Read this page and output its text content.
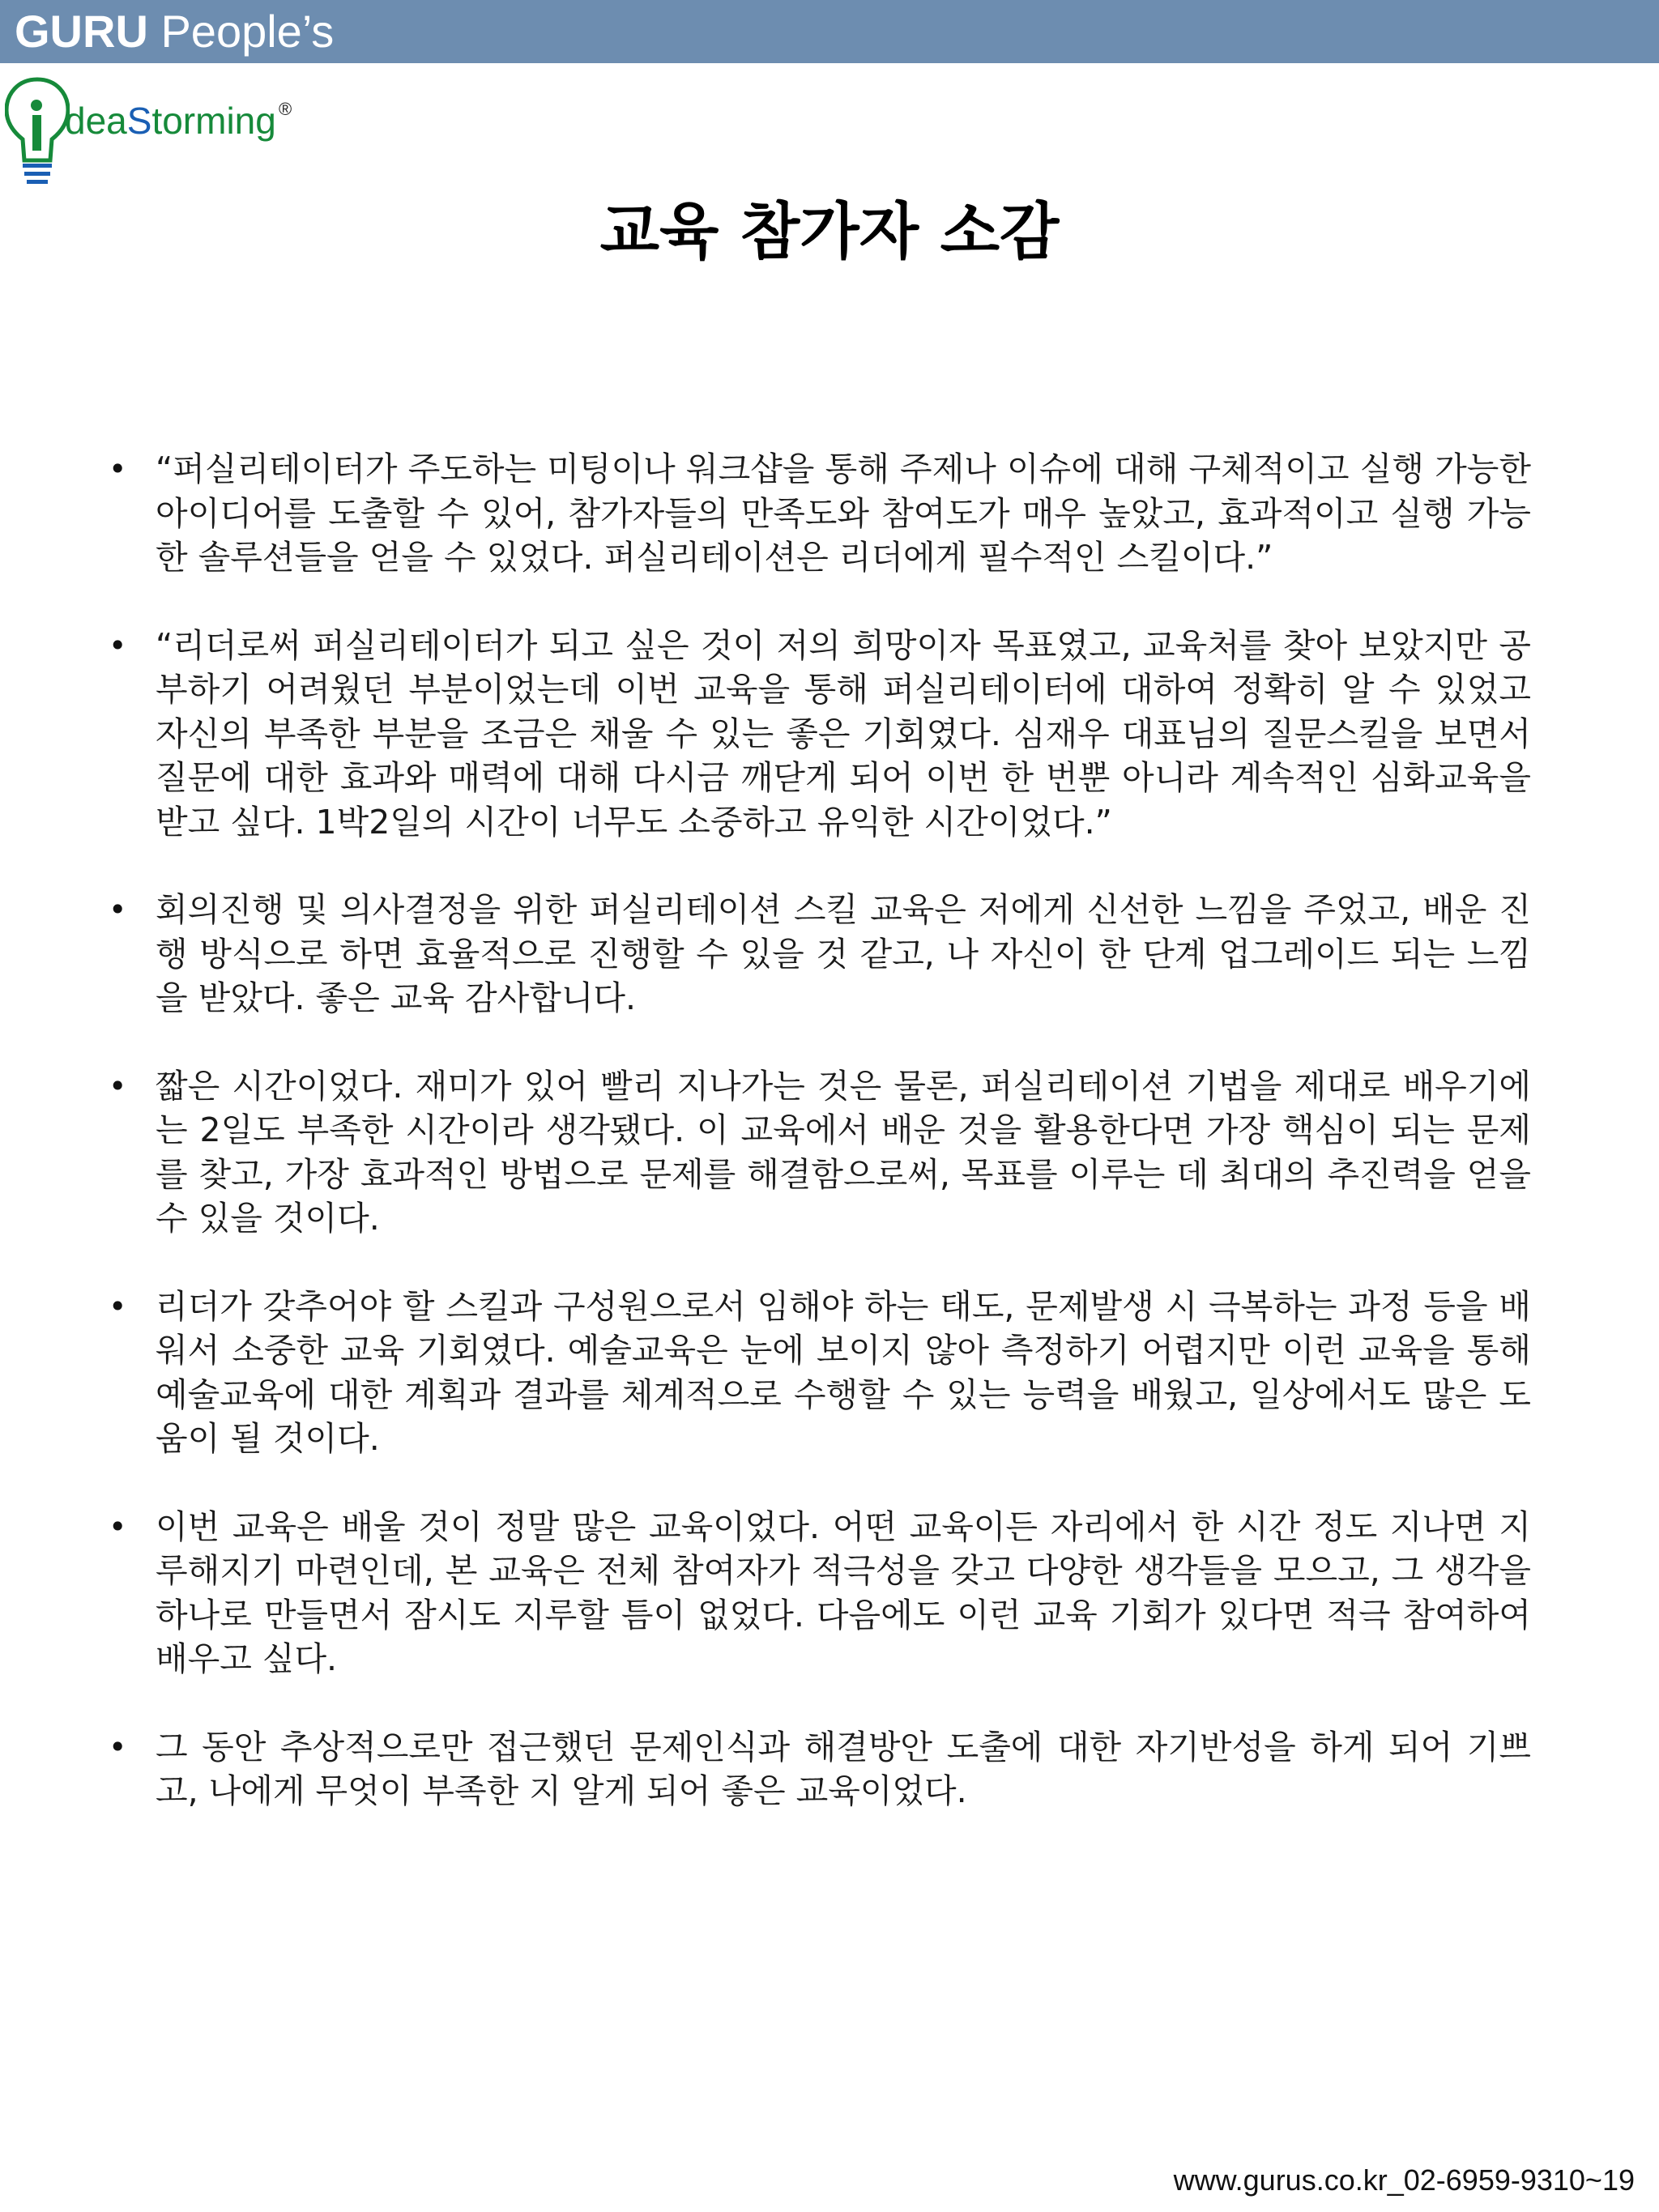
GURU People’s
deaStorming ®
교육 참가자 소감
• “퍼실리테이터가 주도하는 미팅이나 워크샵을 통해 주제나 이슈에 대해 구체적이고 실행 가능한 아이디어를 도출할 수 있어, 참가자들의 만족도와 참여도가 매우 높았고, 효과적이고 실행 가능한 솔루션들을 얻을 수 있었다. 퍼실리테이션은 리더에게 필수적인 스킬이다.”
• “리더로써 퍼실리테이터가 되고 싶은 것이 저의 희망이자 목표였고, 교육처를 찾아 보았지만 공부하기 어려웠던 부분이었는데 이번 교육을 통해 퍼실리테이터에 대하여 정확히 알 수 있었고 자신의 부족한 부분을 조금은 채울 수 있는 좋은 기회였다. 심재우 대표님의 질문스킬을 보면서 질문에 대한 효과와 매력에 대해 다시금 깨닫게 되어 이번 한 번뿐 아니라 계속적인 심화교육을 받고 싶다. 1박2일의 시간이 너무도 소중하고 유익한 시간이었다.”
• 회의진행 및 의사결정을 위한 퍼실리테이션 스킬 교육은 저에게 신선한 느낌을 주었고, 배운 진행 방식으로 하면 효율적으로 진행할 수 있을 것 같고, 나 자신이 한 단계 업그레이드 되는 느낌을 받았다. 좋은 교육 감사합니다.
• 짧은 시간이었다. 재미가 있어 빨리 지나가는 것은 물론, 퍼실리테이션 기법을 제대로 배우기에는 2일도 부족한 시간이라 생각됐다. 이 교육에서 배운 것을 활용한다면 가장 핵심이 되는 문제를 찾고, 가장 효과적인 방법으로 문제를 해결함으로써, 목표를 이루는 데 최대의 추진력을 얻을 수 있을 것이다.
• 리더가 갖추어야 할 스킬과 구성원으로서 임해야 하는 태도, 문제발생 시 극복하는 과정 등을 배워서 소중한 교육 기회였다. 예술교육은 눈에 보이지 않아 측정하기 어렵지만 이런 교육을 통해 예술교육에 대한 계획과 결과를 체계적으로 수행할 수 있는 능력을 배웠고, 일상에서도 많은 도움이 될 것이다.
• 이번 교육은 배울 것이 정말 많은 교육이었다. 어떤 교육이든 자리에서 한 시간 정도 지나면 지루해지기 마련인데, 본 교육은 전체 참여자가 적극성을 갖고 다양한 생각들을 모으고, 그 생각을 하나로 만들면서 잠시도 지루할 틈이 없었다. 다음에도 이런 교육 기회가 있다면 적극 참여하여 배우고 싶다.
• 그 동안 추상적으로만 접근했던 문제인식과 해결방안 도출에 대한 자기반성을 하게 되어 기쁘고, 나에게 무엇이 부족한 지 알게 되어 좋은 교육이었다.
www.gurus.co.kr_02-6959-9310~19
